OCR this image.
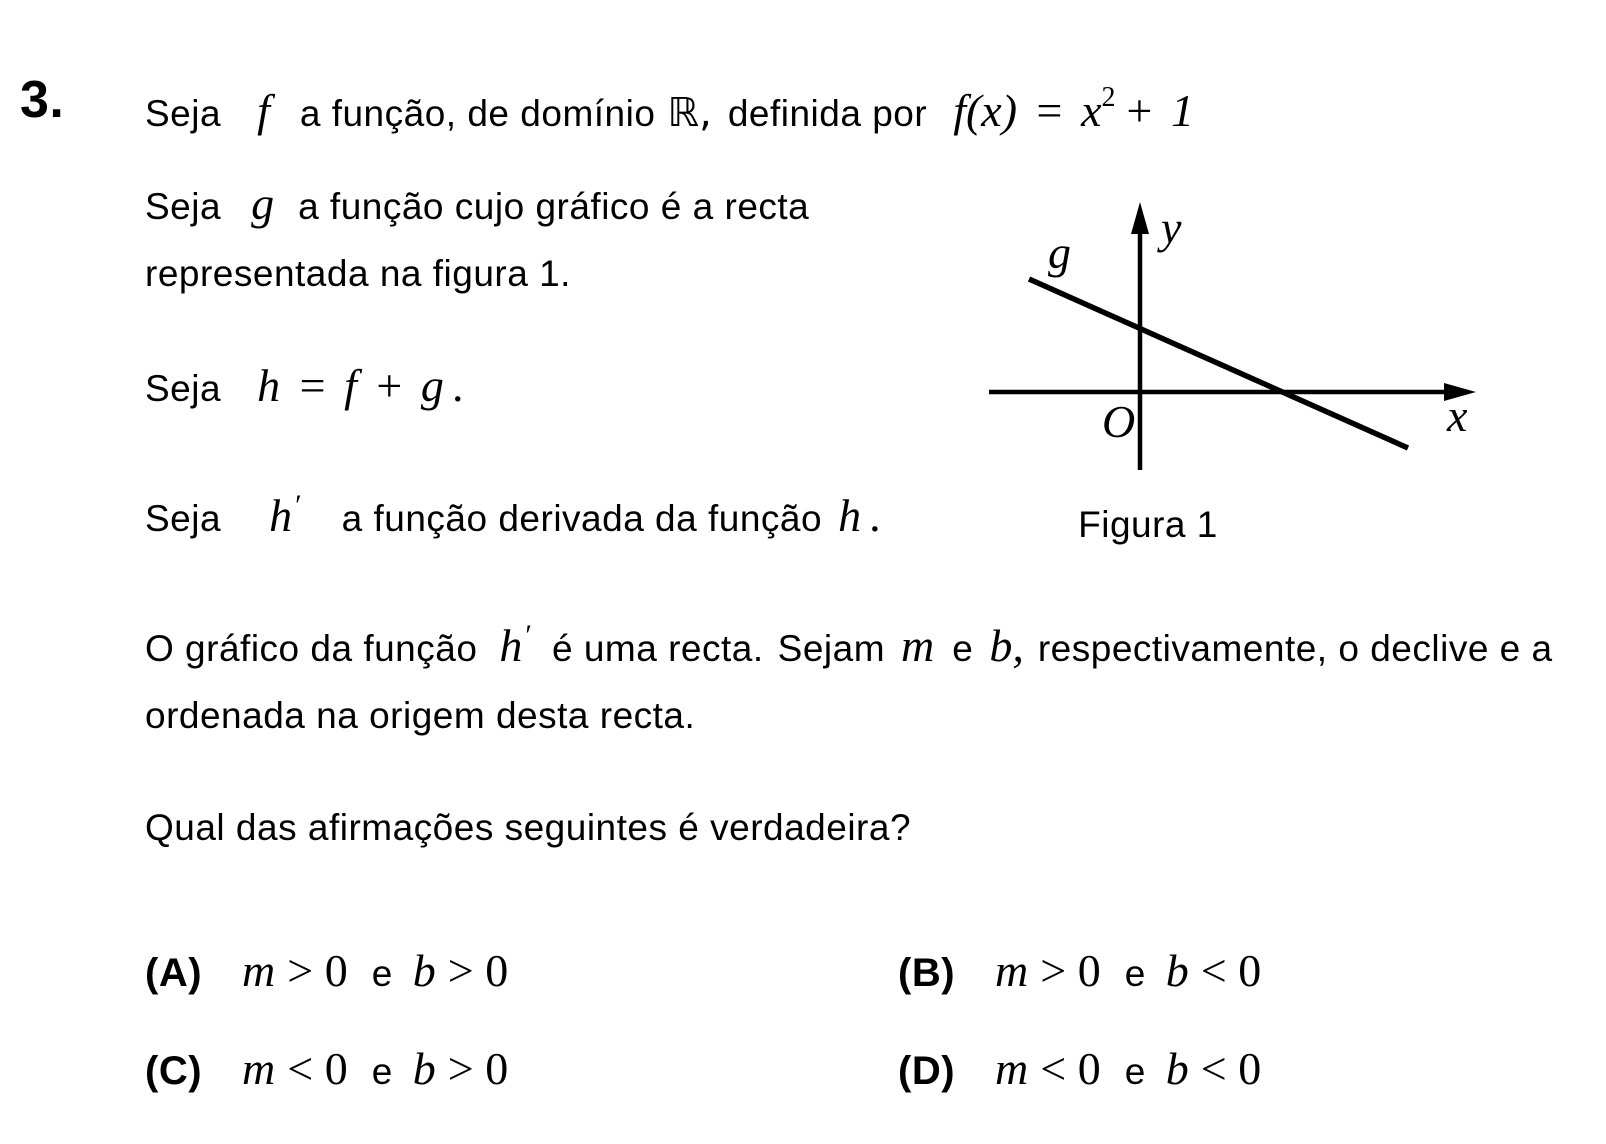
3. Seja f a função, de domínio ℝ, definida por $f(x) = x^2 + 1$
Seja g a função cujo gráfico é a recta
representada na figura 1.
Seja h = f + g .
Seja h ′ a função derivada da função h .
g y
x
O
Figura 1
O gráfico da função h ′ é uma recta. Sejam m e b, respectivamente, o declive e a
ordenada na origem desta recta.
Qual das afirmações seguintes é verdadeira?
(A) m > 0 e b > 0	(B) m > 0 e b < 0
(C) m < 0 e b > 0	(D) m < 0 e b < 0
